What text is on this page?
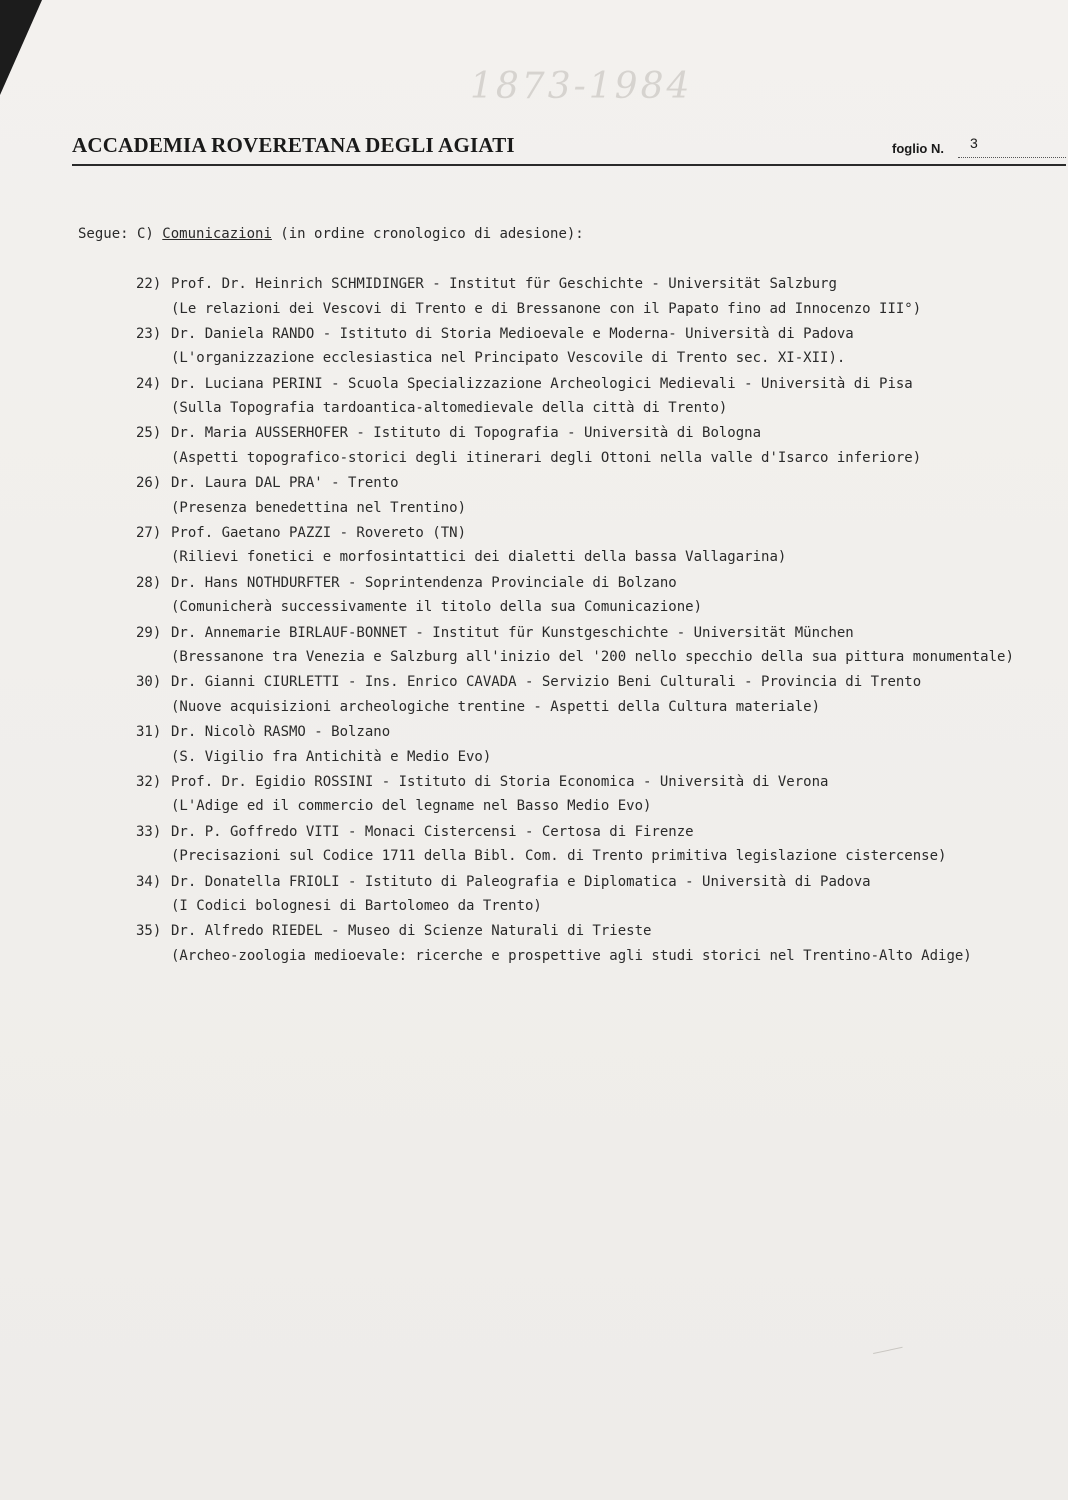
1873-1984
ACCADEMIA ROVERETANA DEGLI AGIATI	foglio N. 3
Segue: C) Comunicazioni (in ordine cronologico di adesione):
22) Prof. Dr. Heinrich SCHMIDINGER - Institut für Geschichte - Universität Salzburg
(Le relazioni dei Vescovi di Trento e di Bressanone con il Papato fino ad Innocenzo III°)
23) Dr. Daniela RANDO - Istituto di Storia Medioevale e Moderna- Università di Padova
(L'organizzazione ecclesiastica nel Principato Vescovile di Trento sec. XI-XII).
24) Dr. Luciana PERINI - Scuola Specializzazione Archeologici Medievali - Università di Pisa
(Sulla Topografia tardoantica-altomedievale della città di Trento)
25) Dr. Maria AUSSERHOFER - Istituto di Topografia - Università di Bologna
(Aspetti topografico-storici degli itinerari degli Ottoni nella valle d'Isarco inferiore)
26) Dr. Laura DAL PRA' - Trento
(Presenza benedettina nel Trentino)
27) Prof. Gaetano PAZZI - Rovereto (TN)
(Rilievi fonetici e morfosintattici dei dialetti della bassa Vallagarina)
28) Dr. Hans NOTHDURFTER - Soprintendenza Provinciale di Bolzano
(Comunicherà successivamente il titolo della sua Comunicazione)
29) Dr. Annemarie BIRLAUF-BONNET - Institut für Kunstgeschichte - Universität München
(Bressanone tra Venezia e Salzburg all'inizio del '200 nello specchio della sua pittura monumentale)
30) Dr. Gianni CIURLETTI - Ins. Enrico CAVADA - Servizio Beni Culturali - Provincia di Trento
(Nuove acquisizioni archeologiche trentine - Aspetti della Cultura materiale)
31) Dr. Nicolò RASMO - Bolzano
(S. Vigilio fra Antichità e Medio Evo)
32) Prof. Dr. Egidio ROSSINI - Istituto di Storia Economica - Università di Verona
(L'Adige ed il commercio del legname nel Basso Medio Evo)
33) Dr. P. Goffredo VITI - Monaci Cistercensi - Certosa di Firenze
(Precisazioni sul Codice 1711 della Bibl. Com. di Trento primitiva legislazione cistercense)
34) Dr. Donatella FRIOLI - Istituto di Paleografia e Diplomatica - Università di Padova
(I Codici bolognesi di Bartolomeo da Trento)
35) Dr. Alfredo RIEDEL - Museo di Scienze Naturali di Trieste
(Archeo-zoologia medioevale: ricerche e prospettive agli studi storici nel Trentino-Alto Adige)
